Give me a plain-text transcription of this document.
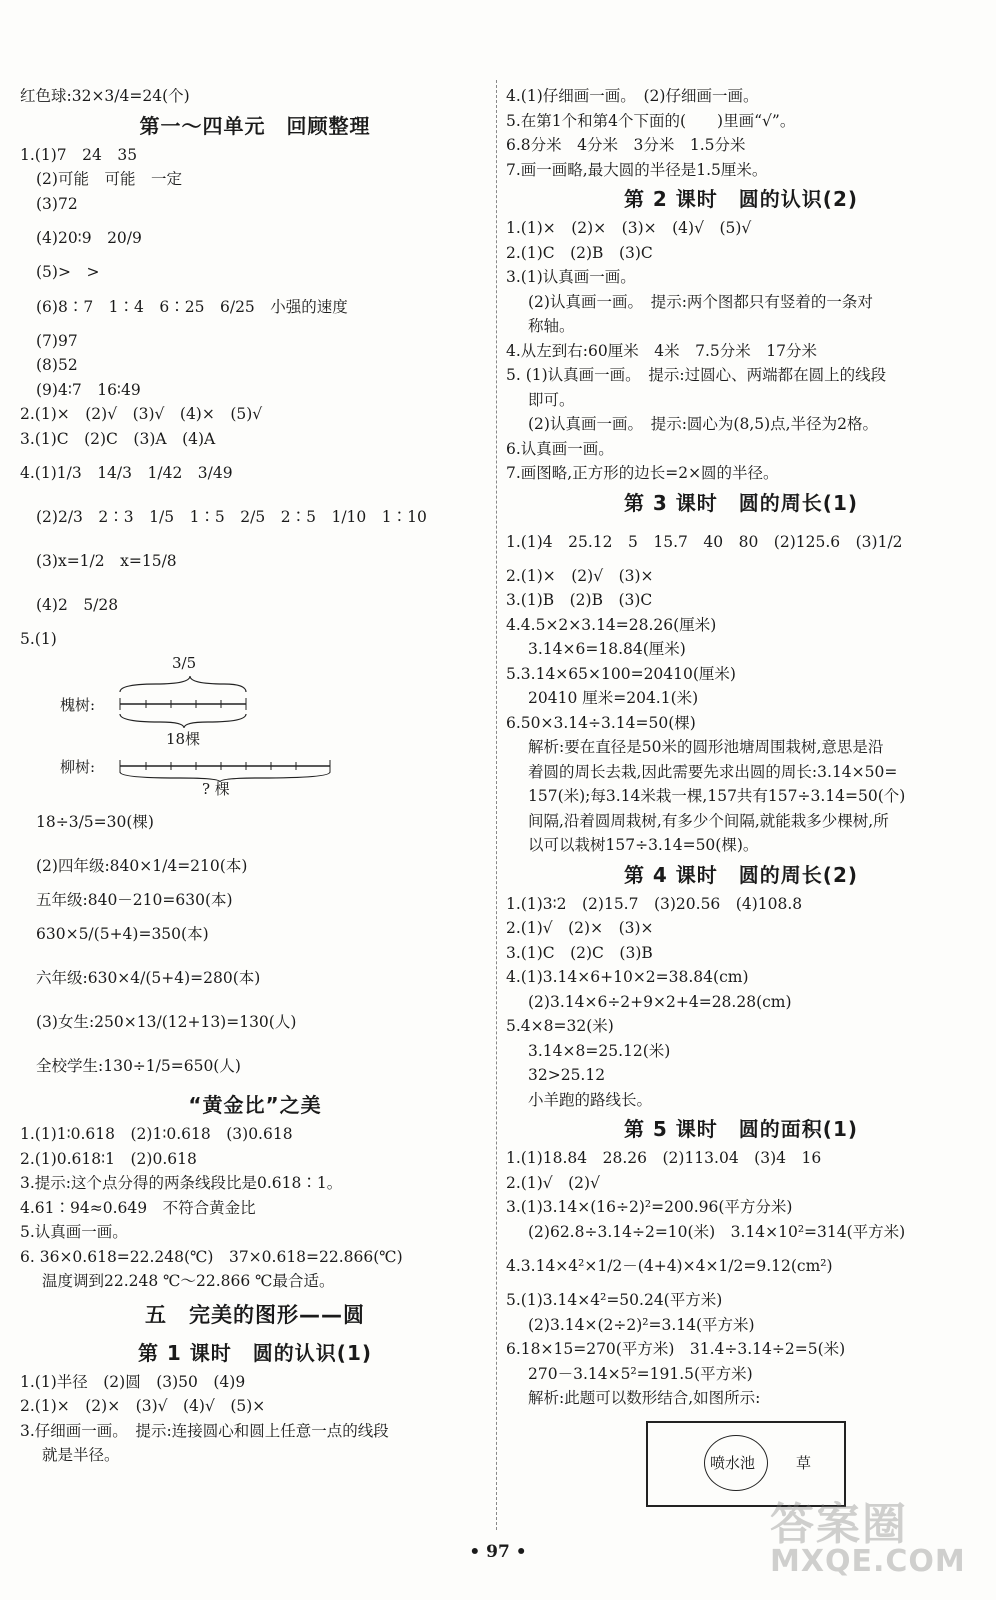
红色球:32×3/4=24(个)
第一～四单元　回顾整理
1.(1)7　24　35
(2)可能　可能　一定
(3)72
(4)20∶9　20/9
(5)>　>
(6)8∶7　1∶4　6∶25　6/25　小强的速度
(7)97
(8)52
(9)4∶7　16∶49
2.(1)×　(2)√　(3)√　(4)×　(5)√
3.(1)C　(2)C　(3)A　(4)A
4.(1)1/3　14/3　1/42　3/49
(2)2/3　2∶3　1/5　1∶5　2/5　2∶5　1/10　1∶10
(3)x=1/2　x=15/8
(4)2　5/28
5.(1)
3/5
槐树:
18棵
柳树:
? 棵
18÷3/5=30(棵)
(2)四年级:840×1/4=210(本)
五年级:840－210=630(本)
630×5/(5+4)=350(本)
六年级:630×4/(5+4)=280(本)
(3)女生:250×13/(12+13)=130(人)
全校学生:130÷1/5=650(人)
“黄金比”之美
1.(1)1∶0.618　(2)1∶0.618　(3)0.618
2.(1)0.618∶1　(2)0.618
3.提示:这个点分得的两条线段比是0.618∶1。
4.61∶94≈0.649　不符合黄金比
5.认真画一画。
6. 36×0.618=22.248(℃)　37×0.618=22.866(℃)
温度调到22.248 ℃～22.866 ℃最合适。
五　完美的图形——圆
第 1 课时　圆的认识(1)
1.(1)半径　(2)圆　(3)50　(4)9
2.(1)×　(2)×　(3)√　(4)√　(5)×
3.仔细画一画。　提示:连接圆心和圆上任意一点的线段
就是半径。
4.(1)仔细画一画。　(2)仔细画一画。
5.在第1个和第4个下面的(　　)里画“√”。
6.8分米　4分米　3分米　1.5分米
7.画一画略,最大圆的半径是1.5厘米。
第 2 课时　圆的认识(2)
1.(1)×　(2)×　(3)×　(4)√　(5)√
2.(1)C　(2)B　(3)C
3.(1)认真画一画。
(2)认真画一画。　提示:两个图都只有竖着的一条对
称轴。
4.从左到右:60厘米　4米　7.5分米　17分米
5. (1)认真画一画。　提示:过圆心、两端都在圆上的线段
即可。
(2)认真画一画。　提示:圆心为(8,5)点,半径为2格。
6.认真画一画。
7.画图略,正方形的边长=2×圆的半径。
第 3 课时　圆的周长(1)
1.(1)4　25.12　5　15.7　40　80　(2)125.6　(3)1/2
2.(1)×　(2)√　(3)×
3.(1)B　(2)B　(3)C
4.4.5×2×3.14=28.26(厘米)
3.14×6=18.84(厘米)
5.3.14×65×100=20410(厘米)
20410 厘米=204.1(米)
6.50×3.14÷3.14=50(棵)
解析:要在直径是50米的圆形池塘周围栽树,意思是沿
着圆的周长去栽,因此需要先求出圆的周长:3.14×50=
157(米);每3.14米栽一棵,157共有157÷3.14=50(个)
间隔,沿着圆周栽树,有多少个间隔,就能栽多少棵树,所
以可以栽树157÷3.14=50(棵)。
第 4 课时　圆的周长(2)
1.(1)3∶2　(2)15.7　(3)20.56　(4)108.8
2.(1)√　(2)×　(3)×
3.(1)C　(2)C　(3)B
4.(1)3.14×6+10×2=38.84(cm)
(2)3.14×6÷2+9×2+4=28.28(cm)
5.4×8=32(米)
3.14×8=25.12(米)
32>25.12
小羊跑的路线长。
第 5 课时　圆的面积(1)
1.(1)18.84　28.26　(2)113.04　(3)4　16
2.(1)√　(2)√
3.(1)3.14×(16÷2)²=200.96(平方分米)
(2)62.8÷3.14÷2=10(米)　3.14×10²=314(平方米)
4.3.14×4²×1/2－(4+4)×4×1/2=9.12(cm²)
5.(1)3.14×4²=50.24(平方米)
(2)3.14×(2÷2)²=3.14(平方米)
6.18×15=270(平方米)　31.4÷3.14÷2=5(米)
270－3.14×5²=191.5(平方米)
解析:此题可以数形结合,如图所示:
喷水池	草
• 97 •
答案圈
MXQE.COM
